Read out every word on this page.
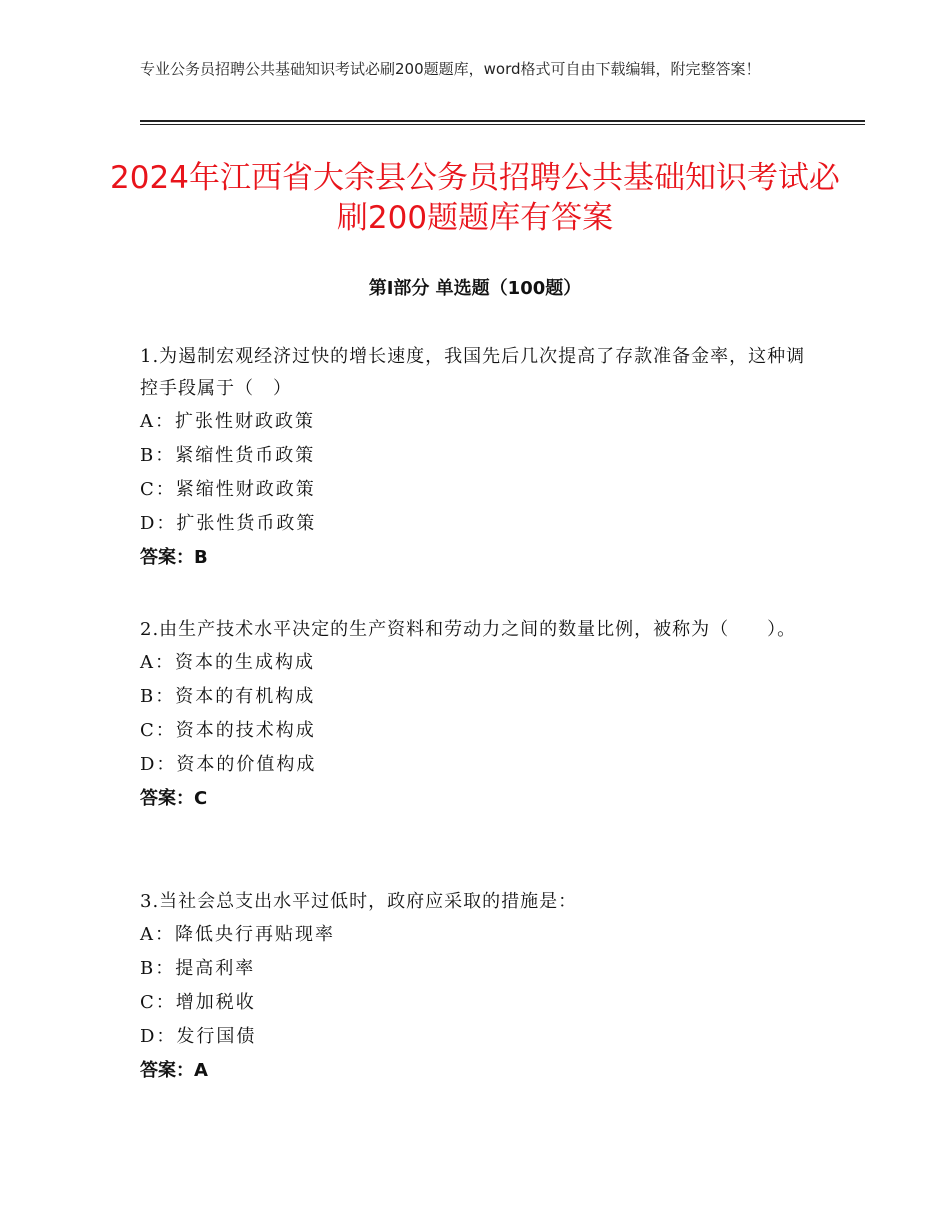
专业公务员招聘公共基础知识考试必刷200题题库，word格式可自由下载编辑，附完整答案！
2024年江西省大余县公务员招聘公共基础知识考试必刷200题题库有答案
第Ⅰ部分 单选题（100题）
1.为遏制宏观经济过快的增长速度，我国先后几次提高了存款准备金率，这种调控手段属于（　）
A：扩张性财政政策
B：紧缩性货币政策
C：紧缩性财政政策
D：扩张性货币政策
答案：B
2.由生产技术水平决定的生产资料和劳动力之间的数量比例，被称为（　　）。
A：资本的生成构成
B：资本的有机构成
C：资本的技术构成
D：资本的价值构成
答案：C
3.当社会总支出水平过低时，政府应采取的措施是：
A：降低央行再贴现率
B：提高利率
C：增加税收
D：发行国债
答案：A
